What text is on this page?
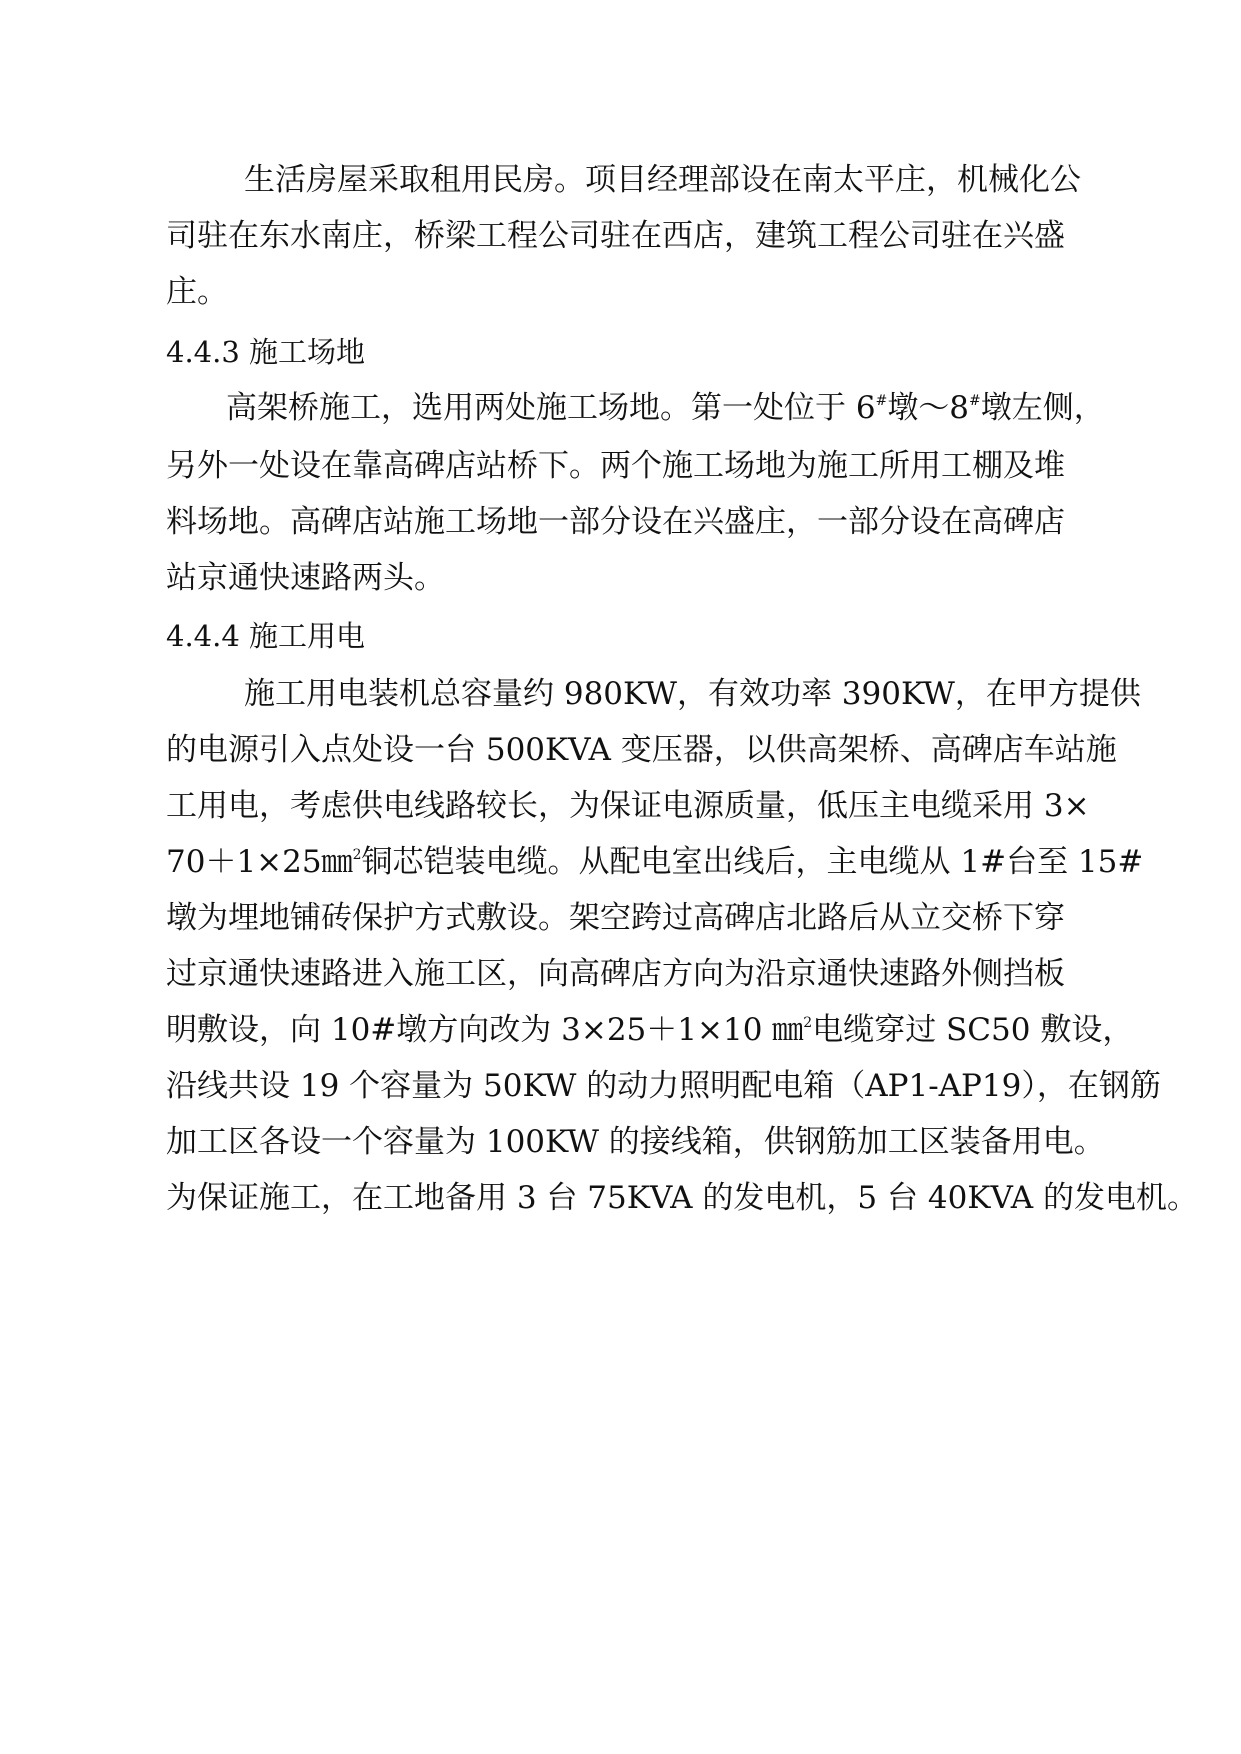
生活房屋采取租用民房。项目经理部设在南太平庄，机械化公
司驻在东水南庄，桥梁工程公司驻在西店，建筑工程公司驻在兴盛
庄。
4.4.3 施工场地
高架桥施工，选用两处施工场地。第一处位于 6#墩～8#墩左侧，
另外一处设在靠高碑店站桥下。两个施工场地为施工所用工棚及堆
料场地。高碑店站施工场地一部分设在兴盛庄，一部分设在高碑店
站京通快速路两头。
4.4.4 施工用电
施工用电装机总容量约 980KW，有效功率 390KW，在甲方提供
的电源引入点处设一台 500KVA 变压器，以供高架桥、高碑店车站施
工用电，考虑供电线路较长，为保证电源质量，低压主电缆采用 3×
70＋1×25㎜$^2$铜芯铠装电缆。从配电室出线后，主电缆从 1#台至 15#
墩为埋地铺砖保护方式敷设。架空跨过高碑店北路后从立交桥下穿
过京通快速路进入施工区，向高碑店方向为沿京通快速路外侧挡板
明敷设，向 10#墩方向改为 3×25＋1×10 ㎜$^2$电缆穿过 SC50 敷设，
沿线共设 19 个容量为 50KW 的动力照明配电箱（AP1-AP19），在钢筋
加工区各设一个容量为 100KW 的接线箱，供钢筋加工区装备用电。
为保证施工，在工地备用 3 台 75KVA 的发电机，5 台 40KVA 的发电机。
